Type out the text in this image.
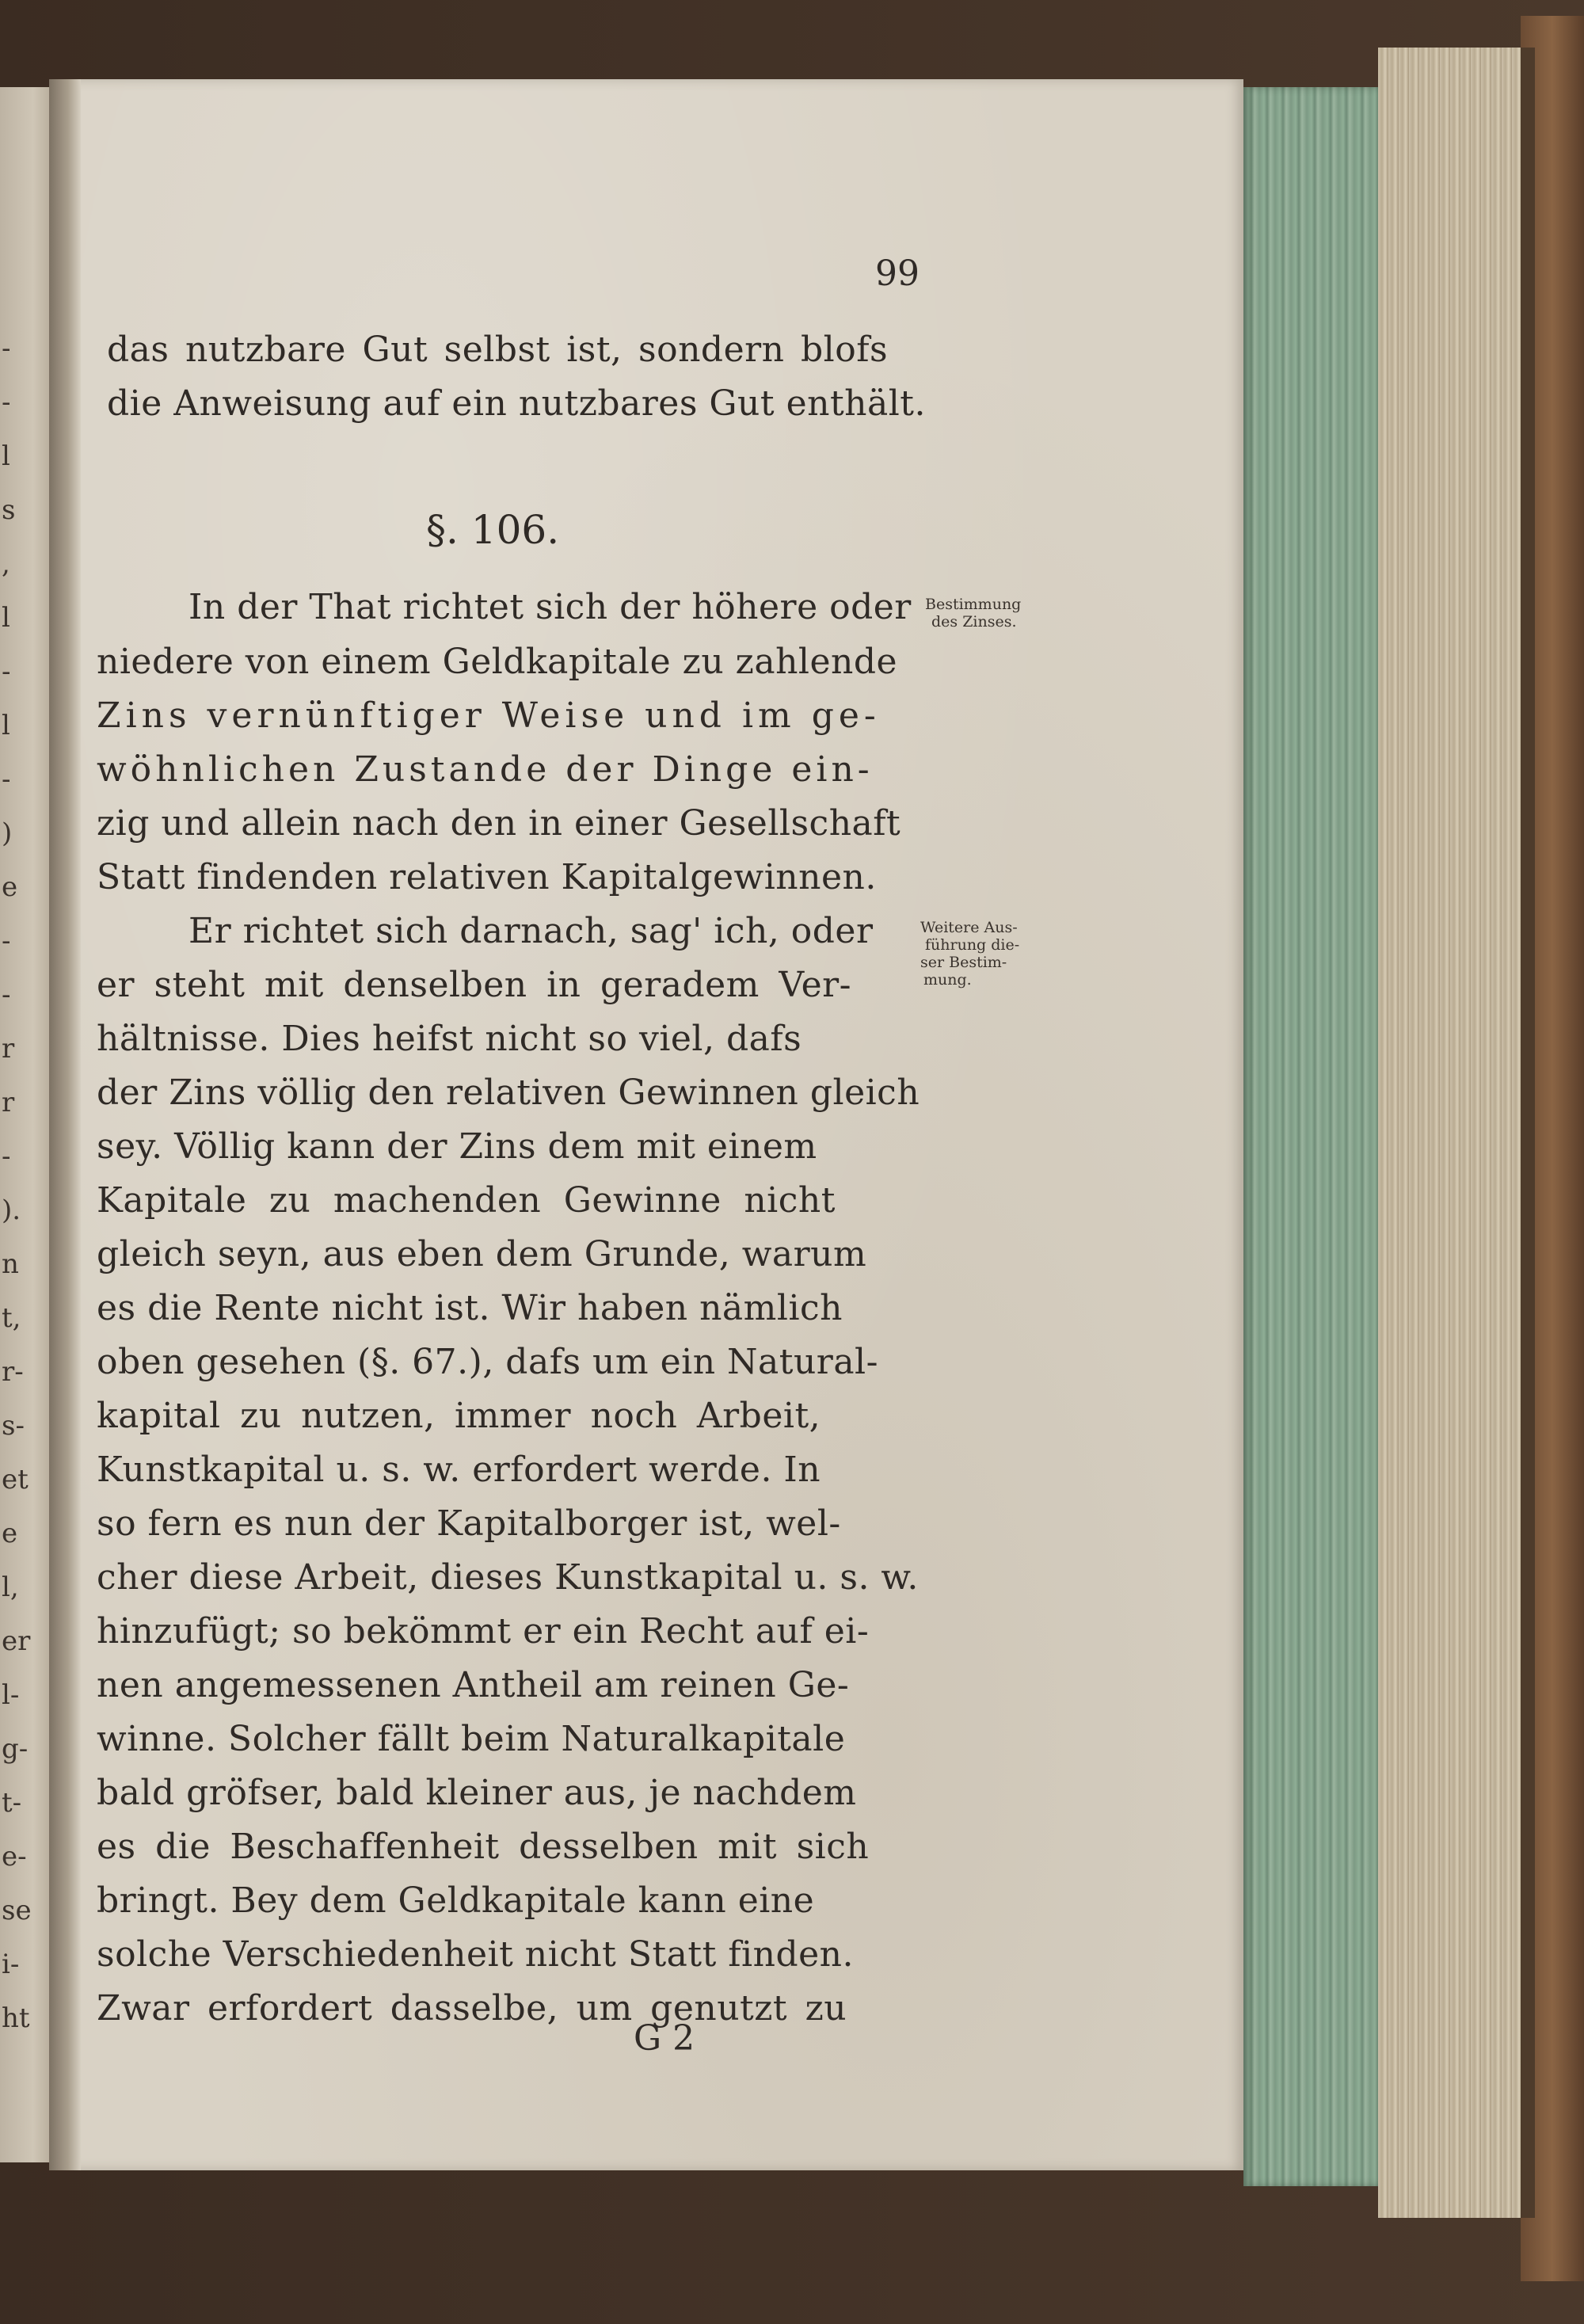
-
-
l
s
,
l
-
l
-
)
e
-
-
r
r
-
).
n
t,
r-
s-
et
e
l,
er
l-
g-
t-
e-
se
i-
ht
99
das nutzbare Gut selbst ist, sondern blofs
die Anweisung auf ein nutzbares Gut enthält.
§. 106.
In der That richtet sich der höhere oder
niedere von einem Geldkapitale zu zahlende
Zins vernünftiger Weise und im ge-
wöhnlichen Zustande der Dinge ein-
zig und allein nach den in einer Gesellschaft
Statt findenden relativen Kapitalgewinnen.
Bestimmung
des Zinses.
Er richtet sich darnach, sag' ich, oder
er steht mit denselben in geradem Ver-
hältnisse. Dies heifst nicht so viel, dafs
der Zins völlig den relativen Gewinnen gleich
sey. Völlig kann der Zins dem mit einem
Kapitale zu machenden Gewinne nicht
gleich seyn, aus eben dem Grunde, warum
es die Rente nicht ist. Wir haben nämlich
oben gesehen (§. 67.), dafs um ein Natural-
kapital zu nutzen, immer noch Arbeit,
Kunstkapital u. s. w. erfordert werde. In
so fern es nun der Kapitalborger ist, wel-
cher diese Arbeit, dieses Kunstkapital u. s. w.
hinzufügt; so bekömmt er ein Recht auf ei-
nen angemessenen Antheil am reinen Ge-
winne. Solcher fällt beim Naturalkapitale
bald gröfser, bald kleiner aus, je nachdem
es die Beschaffenheit desselben mit sich
bringt. Bey dem Geldkapitale kann eine
solche Verschiedenheit nicht Statt finden.
Zwar erfordert dasselbe, um genutzt zu
Weitere Aus-
führung die-
ser Bestim-
mung.
G 2
